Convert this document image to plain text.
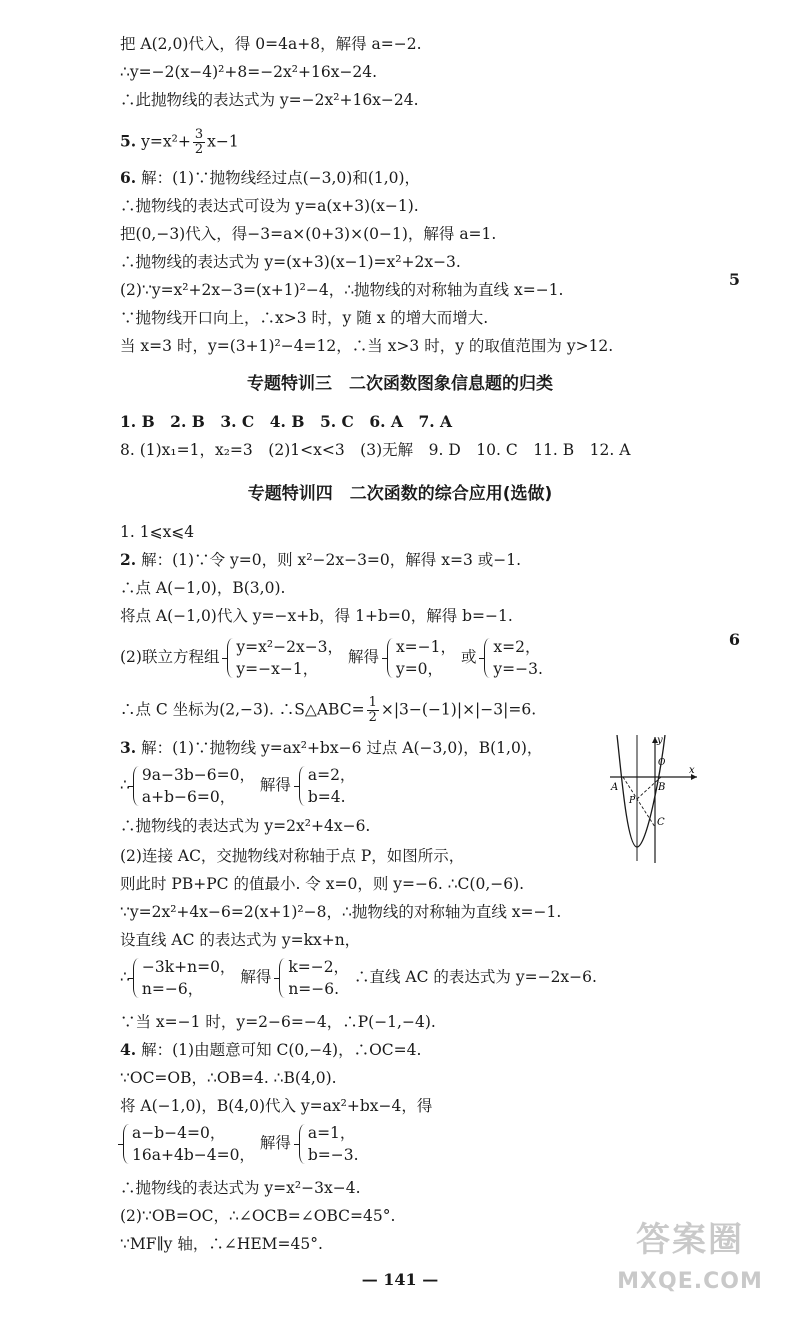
把 A(2,0)代入，得 0=4a+8，解得 a=−2.
∴y=−2(x−4)²+8=−2x²+16x−24.
∴此抛物线的表达式为 y=−2x²+16x−24.
5. $y=x^2+ \frac{3}{2} x-1$
6. 解：(1)∵抛物线经过点(−3,0)和(1,0)，
∴抛物线的表达式可设为 y=a(x+3)(x−1).
把(0,−3)代入，得−3=a×(0+3)×(0−1)，解得 a=1.
∴抛物线的表达式为 y=(x+3)(x−1)=x²+2x−3.
(2)∵y=x²+2x−3=(x+1)²−4，∴抛物线的对称轴为直线 x=−1.
∵抛物线开口向上，∴x>3 时，y 随 x 的增大而增大.
当 x=3 时，y=(3+1)²−4=12，∴当 x>3 时，y 的取值范围为 y>12.
5
专题特训三　二次函数图象信息题的归类
1. B　2. B　3. C　4. B　5. C　6. A　7. A
8. (1)x₁=1，x₂=3　(2)1<x<3　(3)无解　9. D　10. C　11. B　12. A
专题特训四　二次函数的综合应用(选做)
1. 1⩽x⩽4
2. 解：(1)∵令 y=0，则 x²−2x−3=0，解得 x=3 或−1.
∴点 A(−1,0)，B(3,0).
将点 A(−1,0)代入 y=−x+b，得 1+b=0，解得 b=−1.
(2)联立方程组
y=x²−2x−3，
y=−x−1，
解得
x=−1，
y=0，
或
x=2，
y=−3.
6
∴点 C 坐标为(2,−3). ∴S△ABC= $\frac{1}{2} \times|3-(-1)|\times|-3|=6$.
3. 解：(1)∵抛物线 y=ax²+bx−6 过点 A(−3,0)，B(1,0)，
∴
9a−3b−6=0，
a+b−6=0，
解得
a=2，
b=4.
∴抛物线的表达式为 y=2x²+4x−6.
(2)连接 AC，交抛物线对称轴于点 P，如图所示，
则此时 PB+PC 的值最小. 令 x=0，则 y=−6. ∴C(0,−6).
∵y=2x²+4x−6=2(x+1)²−8，∴抛物线的对称轴为直线 x=−1.
设直线 AC 的表达式为 y=kx+n，
∴
−3k+n=0，
n=−6，
解得
k=−2，
n=−6.
∴直线 AC 的表达式为 y=−2x−6.
∵当 x=−1 时，y=2−6=−4，∴P(−1,−4).
4. 解：(1)由题意可知 C(0,−4)，∴OC=4.
∵OC=OB，∴OB=4. ∴B(4,0).
将 A(−1,0)，B(4,0)代入 y=ax²+bx−4，得
a−b−4=0，
16a+4b−4=0，
解得
a=1，
b=−3.
∴抛物线的表达式为 y=x²−3x−4.
(2)∵OB=OC，∴∠OCB=∠OBC=45°.
∵MF∥y 轴，∴∠HEM=45°.
y
x
A	B
P
O
C
— 141 —
答案圈
MXQE.COM
